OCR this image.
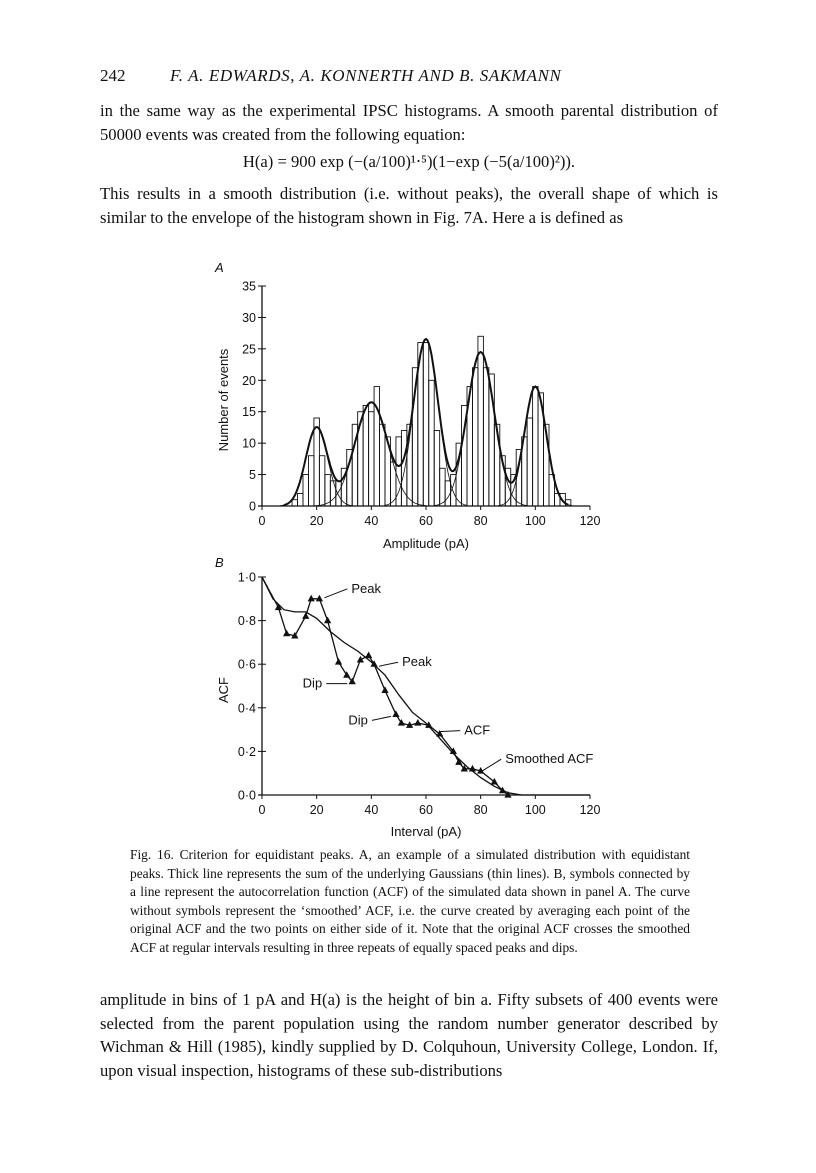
242	F. A. EDWARDS, A. KONNERTH AND B. SAKMANN

in the same way as the experimental IPSC histograms. A smooth parental distribution of 50000 events was created from the following equation:

H(a) = 900 exp (−(a/100)¹‧⁵)(1−exp (−5(a/100)²)).

This results in a smooth distribution (i.e. without peaks), the overall shape of which is similar to the envelope of the histogram shown in Fig. 7A. Here a is defined as

A
0
5
10
15
20
25
30
35
0	20	40	60	80	100	120
Amplitude (pA)
Number of events
B
0·0
0·2
0·4
0·6
0·8
1·0
0	20	40	60	80	100	120
Interval (pA)
ACF
Peak
Peak
Dip
Dip
ACF
Smoothed ACF
Fig. 16. Criterion for equidistant peaks. A, an example of a simulated distribution with equidistant peaks. Thick line represents the sum of the underlying Gaussians (thin lines). B, symbols connected by a line represent the autocorrelation function (ACF) of the simulated data shown in panel A. The curve without symbols represent the ‘smoothed’ ACF, i.e. the curve created by averaging each point of the original ACF and the two points on either side of it. Note that the original ACF crosses the smoothed ACF at regular intervals resulting in three repeats of equally spaced peaks and dips.

amplitude in bins of 1 pA and H(a) is the height of bin a. Fifty subsets of 400 events were selected from the parent population using the random number generator described by Wichman & Hill (1985), kindly supplied by D. Colquhoun, University College, London. If, upon visual inspection, histograms of these sub-distributions
